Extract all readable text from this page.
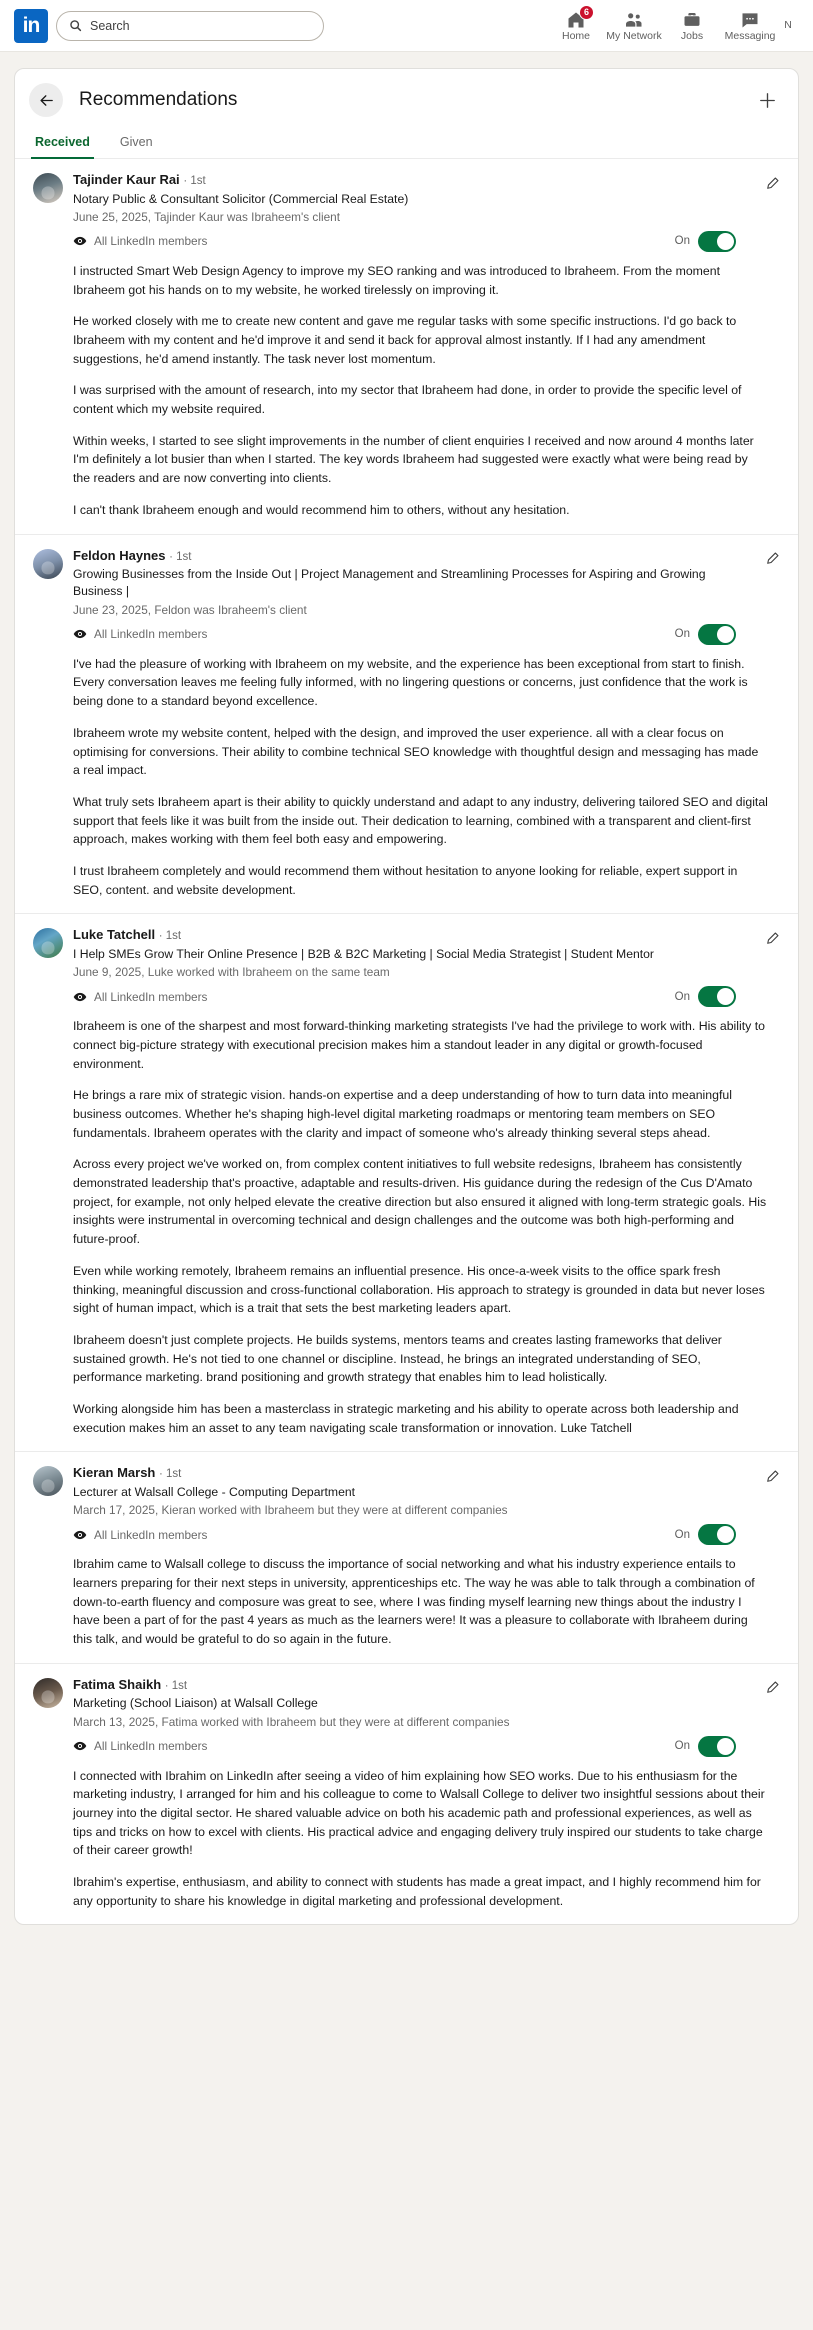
in	Search
Home
6
My Network Jobs Messaging
N
Recommendations
Received Given
Tajinder Kaur Rai · 1st
Notary Public & Consultant Solicitor (Commercial Real Estate)
June 25, 2025, Tajinder Kaur was Ibraheem's client
All LinkedIn members	On

I instructed Smart Web Design Agency to improve my SEO ranking and was introduced to Ibraheem. From the moment Ibraheem got his hands on to my website, he worked tirelessly on improving it.

He worked closely with me to create new content and gave me regular tasks with some specific instructions. I'd go back to Ibraheem with my content and he'd improve it and send it back for approval almost instantly. If I had any amendment suggestions, he'd amend instantly. The task never lost momentum.

I was surprised with the amount of research, into my sector that Ibraheem had done, in order to provide the specific level of content which my website required.

Within weeks, I started to see slight improvements in the number of client enquiries I received and now around 4 months later I'm definitely a lot busier than when I started. The key words Ibraheem had suggested were exactly what were being read by the readers and are now converting into clients.

I can't thank Ibraheem enough and would recommend him to others, without any hesitation.

Feldon Haynes · 1st
Growing Businesses from the Inside Out | Project Management and Streamlining Processes for Aspiring and Growing Business |
June 23, 2025, Feldon was Ibraheem's client
All LinkedIn members	On

I've had the pleasure of working with Ibraheem on my website, and the experience has been exceptional from start to finish. Every conversation leaves me feeling fully informed, with no lingering questions or concerns, just confidence that the work is being done to a standard beyond excellence.

Ibraheem wrote my website content, helped with the design, and improved the user experience. all with a clear focus on optimising for conversions. Their ability to combine technical SEO knowledge with thoughtful design and messaging has made a real impact.

What truly sets Ibraheem apart is their ability to quickly understand and adapt to any industry, delivering tailored SEO and digital support that feels like it was built from the inside out. Their dedication to learning, combined with a transparent and client-first approach, makes working with them feel both easy and empowering.

I trust Ibraheem completely and would recommend them without hesitation to anyone looking for reliable, expert support in SEO, content. and website development.

Luke Tatchell · 1st
I Help SMEs Grow Their Online Presence | B2B & B2C Marketing | Social Media Strategist | Student Mentor
June 9, 2025, Luke worked with Ibraheem on the same team
All LinkedIn members	On

Ibraheem is one of the sharpest and most forward-thinking marketing strategists I've had the privilege to work with. His ability to connect big-picture strategy with executional precision makes him a standout leader in any digital or growth-focused environment.

He brings a rare mix of strategic vision. hands-on expertise and a deep understanding of how to turn data into meaningful business outcomes. Whether he's shaping high-level digital marketing roadmaps or mentoring team members on SEO fundamentals. Ibraheem operates with the clarity and impact of someone who's already thinking several steps ahead.

Across every project we've worked on, from complex content initiatives to full website redesigns, Ibraheem has consistently demonstrated leadership that's proactive, adaptable and results-driven. His guidance during the redesign of the Cus D'Amato project, for example, not only helped elevate the creative direction but also ensured it aligned with long-term strategic goals. His insights were instrumental in overcoming technical and design challenges and the outcome was both high-performing and future-proof.

Even while working remotely, Ibraheem remains an influential presence. His once-a-week visits to the office spark fresh thinking, meaningful discussion and cross-functional collaboration. His approach to strategy is grounded in data but never loses sight of human impact, which is a trait that sets the best marketing leaders apart.

Ibraheem doesn't just complete projects. He builds systems, mentors teams and creates lasting frameworks that deliver sustained growth. He's not tied to one channel or discipline. Instead, he brings an integrated understanding of SEO, performance marketing. brand positioning and growth strategy that enables him to lead holistically.

Working alongside him has been a masterclass in strategic marketing and his ability to operate across both leadership and execution makes him an asset to any team navigating scale transformation or innovation. Luke Tatchell

Kieran Marsh · 1st
Lecturer at Walsall College - Computing Department
March 17, 2025, Kieran worked with Ibraheem but they were at different companies
All LinkedIn members	On

Ibrahim came to Walsall college to discuss the importance of social networking and what his industry experience entails to learners preparing for their next steps in university, apprenticeships etc. The way he was able to talk through a combination of down-to-earth fluency and composure was great to see, where I was finding myself learning new things about the industry I have been a part of for the past 4 years as much as the learners were! It was a pleasure to collaborate with Ibraheem during this talk, and would be grateful to do so again in the future.

Fatima Shaikh · 1st
Marketing (School Liaison) at Walsall College
March 13, 2025, Fatima worked with Ibraheem but they were at different companies
All LinkedIn members	On

I connected with Ibrahim on LinkedIn after seeing a video of him explaining how SEO works. Due to his enthusiasm for the marketing industry, I arranged for him and his colleague to come to Walsall College to deliver two insightful sessions about their journey into the digital sector. He shared valuable advice on both his academic path and professional experiences, as well as tips and tricks on how to excel with clients. His practical advice and engaging delivery truly inspired our students to take charge of their career growth!

Ibrahim's expertise, enthusiasm, and ability to connect with students has made a great impact, and I highly recommend him for any opportunity to share his knowledge in digital marketing and professional development.
